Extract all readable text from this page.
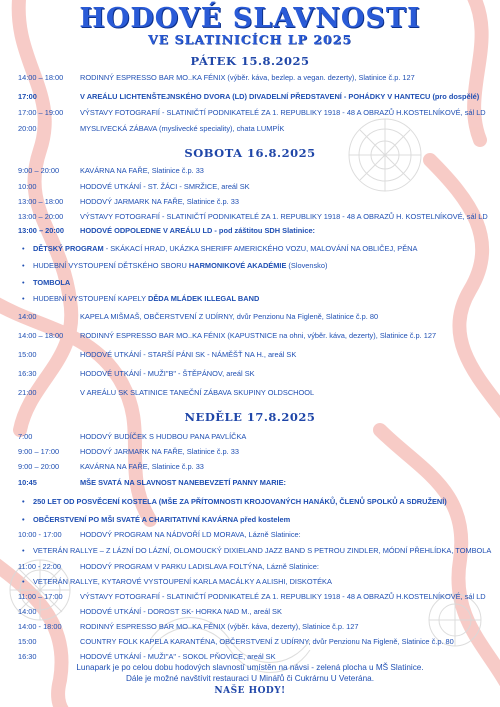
HODOVÉ SLAVNOSTI
VE SLATINICÍCH LP 2025
PÁTEK 15.8.2025
14:00 – 18:00 RODINNÝ ESPRESSO BAR MO..KA FÉNIX (výběr. káva, bezlep. a vegan. dezerty), Slatinice č.p. 127
17:00	V AREÁLU LICHTENŠTEJNSKÉHO DVORA (LD) DIVADELNÍ PŘEDSTAVENÍ - POHÁDKY V HANTECU (pro dospělé)
17:00 – 19:00 VÝSTAVY FOTOGRAFIÍ - SLATINIČTÍ PODNIKATELÉ ZA 1. REPUBLIKY 1918 - 48 A OBRAZŮ H.KOSTELNÍKOVÉ, sál LD
20:00	MYSLIVECKÁ ZÁBAVA (myslivecké speciality), chata LUMPÍK
SOBOTA 16.8.2025
9:00 – 20:00	KAVÁRNA NA FAŘE, Slatinice č.p. 33
10:00	HODOVÉ UTKÁNÍ - ST. ŽÁCI - SMRŽICE, areál SK
13:00 – 18:00 HODOVÝ JARMARK NA FAŘE, Slatinice č.p. 33
13:00 – 20:00 VÝSTAVY FOTOGRAFIÍ - SLATINIČTÍ PODNIKATELÉ ZA 1. REPUBLIKY 1918 - 48 A OBRAZŮ H. KOSTELNÍKOVÉ, sál LD
13:00 – 20:00 HODOVÉ ODPOLEDNE V AREÁLU LD - pod záštitou SDH Slatinice:
• DĚTSKÝ PROGRAM - SKÁKACÍ HRAD, UKÁZKA SHERIFF AMERICKÉHO VOZU, MALOVÁNÍ NA OBLIČEJ, PĚNA
• HUDEBNÍ VYSTOUPENÍ DĚTSKÉHO SBORU HARMONIKOVÉ AKADÉMIE (Slovensko)
• TOMBOLA
• HUDEBNÍ VYSTOUPENÍ KAPELY DĚDA MLÁDEK ILLEGAL BAND
14:00	KAPELA MIŠMAŠ, OBČERSTVENÍ Z UDÍRNY, dvůr Penzionu Na Figleně, Slatinice č.p. 80
14:00 – 18:00 RODINNÝ ESPRESSO BAR MO..KA FÉNIX (KAPUSTNICE na ohni, výběr. káva, dezerty), Slatinice č.p. 127
15:00	HODOVÉ UTKÁNÍ - STARŠÍ PÁNI SK - NÁMĚŠŤ NA H., areál SK
16:30	HODOVÉ UTKÁNÍ - MUŽI"B" - ŠTĚPÁNOV, areál SK
21:00	V AREÁLU SK SLATINICE TANEČNÍ ZÁBAVA SKUPINY OLDSCHOOL
NEDĚLE 17.8.2025
7:00	HODOVÝ BUDÍČEK S HUDBOU PANA PAVLÍČKA
9:00 – 17:00	HODOVÝ JARMARK NA FAŘE, Slatinice č.p. 33
9:00 – 20:00	KAVÁRNA NA FAŘE, Slatinice č.p. 33
10:45	MŠE SVATÁ NA SLAVNOST NANEBEVZETÍ PANNY MARIE:
• 250 LET OD POSVĚCENÍ KOSTELA (MŠE ZA PŘÍTOMNOSTI KROJOVANÝCH HANÁKŮ, ČLENŮ SPOLKŮ A SDRUŽENÍ)
• OBČERSTVENÍ PO MŠI SVATÉ A CHARITATIVNÍ KAVÁRNA před kostelem
10:00 - 17:00 HODOVÝ PROGRAM NA NÁDVOŘÍ LD MORAVA, Lázně Slatinice:
• VETERÁN RALLYE – Z LÁZNÍ DO LÁZNÍ, OLOMOUCKÝ DIXIELAND JAZZ BAND S PETROU ZINDLER, MÓDNÍ PŘEHLÍDKA, TOMBOLA
11:00 - 22:00	HODOVÝ PROGRAM V PARKU LADISLAVA FOLTÝNA, Lázně Slatinice:
• VETERÁN RALLYE, KYTAROVÉ VYSTOUPENÍ KARLA MACÁLKY A ALISHI, DISKOTÉKA
11:00 – 17:00 VÝSTAVY FOTOGRAFIÍ - SLATINIČTÍ PODNIKATELÉ ZA 1. REPUBLIKY 1918 - 48 A OBRAZŮ H.KOSTELNÍKOVÉ, sál LD
14:00	HODOVÉ UTKÁNÍ - DOROST SK- HORKA NAD M., areál SK
14:00 - 18:00 RODINNÝ ESPRESSO BAR MO..KA FÉNIX (výběr. káva, dezerty), Slatinice č.p. 127
15:00	COUNTRY FOLK KAPELA KARANTÉNA, OBČERSTVENÍ Z UDÍRNY, dvůr Penzionu Na Figleně, Slatinice č.p. 80
16:30	HODOVÉ UTKÁNÍ - MUŽI"A" - SOKOL PŇOVICE, areál SK
Lunapark je po celou dobu hodových slavností umístěn na návsi - zelená plocha u MŠ Slatinice.
Dále je možné navštívit restauraci U Minářů či Cukrárnu U Veterána.
NAŠE HODY!
